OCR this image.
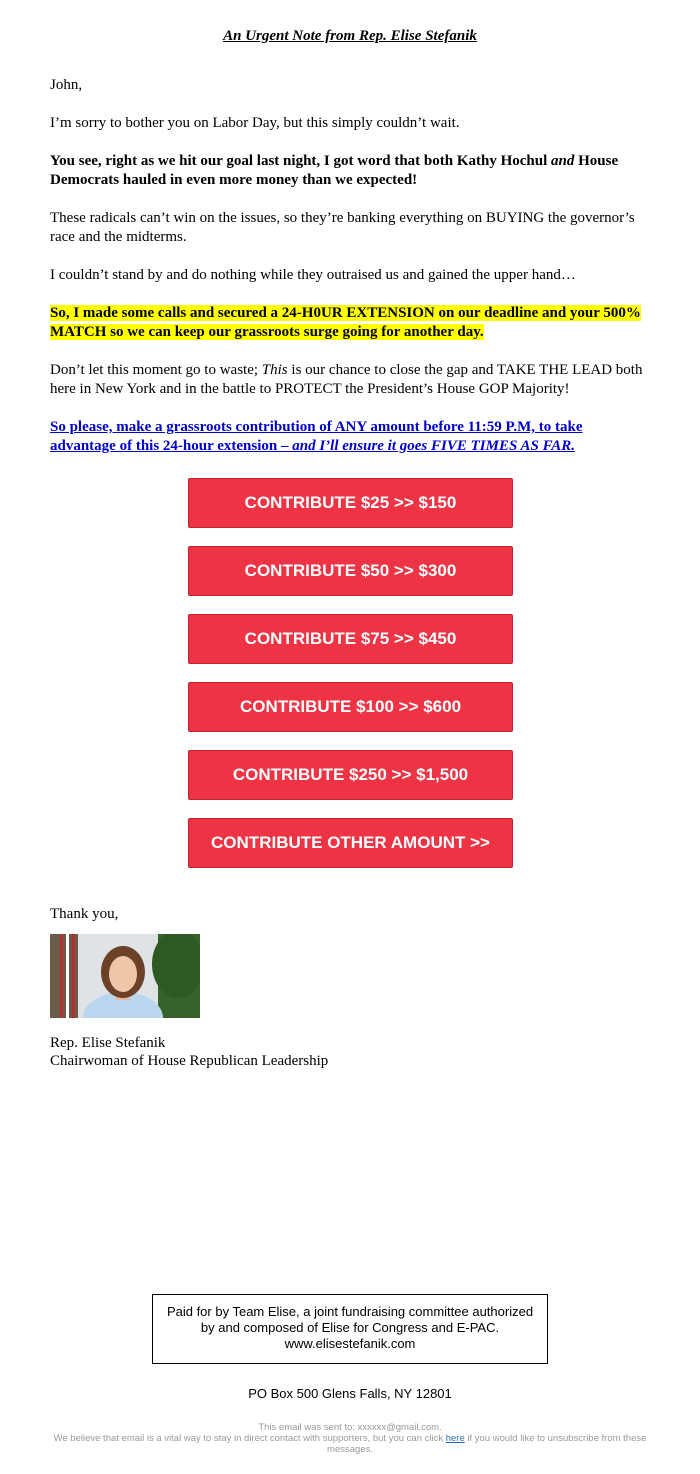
An Urgent Note from Rep. Elise Stefanik

John,

I’m sorry to bother you on Labor Day, but this simply couldn’t wait.

You see, right as we hit our goal last night, I got word that both Kathy Hochul and House Democrats hauled in even more money than we expected!

These radicals can’t win on the issues, so they’re banking everything on BUYING the governor’s race and the midterms.

I couldn’t stand by and do nothing while they outraised us and gained the upper hand…

So, I made some calls and secured a 24-H0UR EXTENSION on our deadline and your 500% MATCH so we can keep our grassroots surge going for another day.

Don’t let this moment go to waste; This is our chance to close the gap and TAKE THE LEAD both here in New York and in the battle to PROTECT the President’s House GOP Majority!

So please, make a grassroots contribution of ANY amount before 11:59 P.M, to take advantage of this 24-hour extension – and I’ll ensure it goes FIVE TIMES AS FAR.

CONTRIBUTE $25 >> $150
CONTRIBUTE $50 >> $300
CONTRIBUTE $75 >> $450
CONTRIBUTE $100 >> $600
CONTRIBUTE $250 >> $1,500
CONTRIBUTE OTHER AMOUNT >>
Thank you,
Rep. Elise Stefanik
Chairwoman of House Republican Leadership
Paid for by Team Elise, a joint fundraising committee authorized by and composed of Elise for Congress and E-PAC. www.elisestefanik.com
PO Box 500 Glens Falls, NY 12801
This email was sent to: xxxxxx@gmail.com.
We believe that email is a vital way to stay in direct contact with supporters, but you can click here if you would like to unsubscribe from these messages.
